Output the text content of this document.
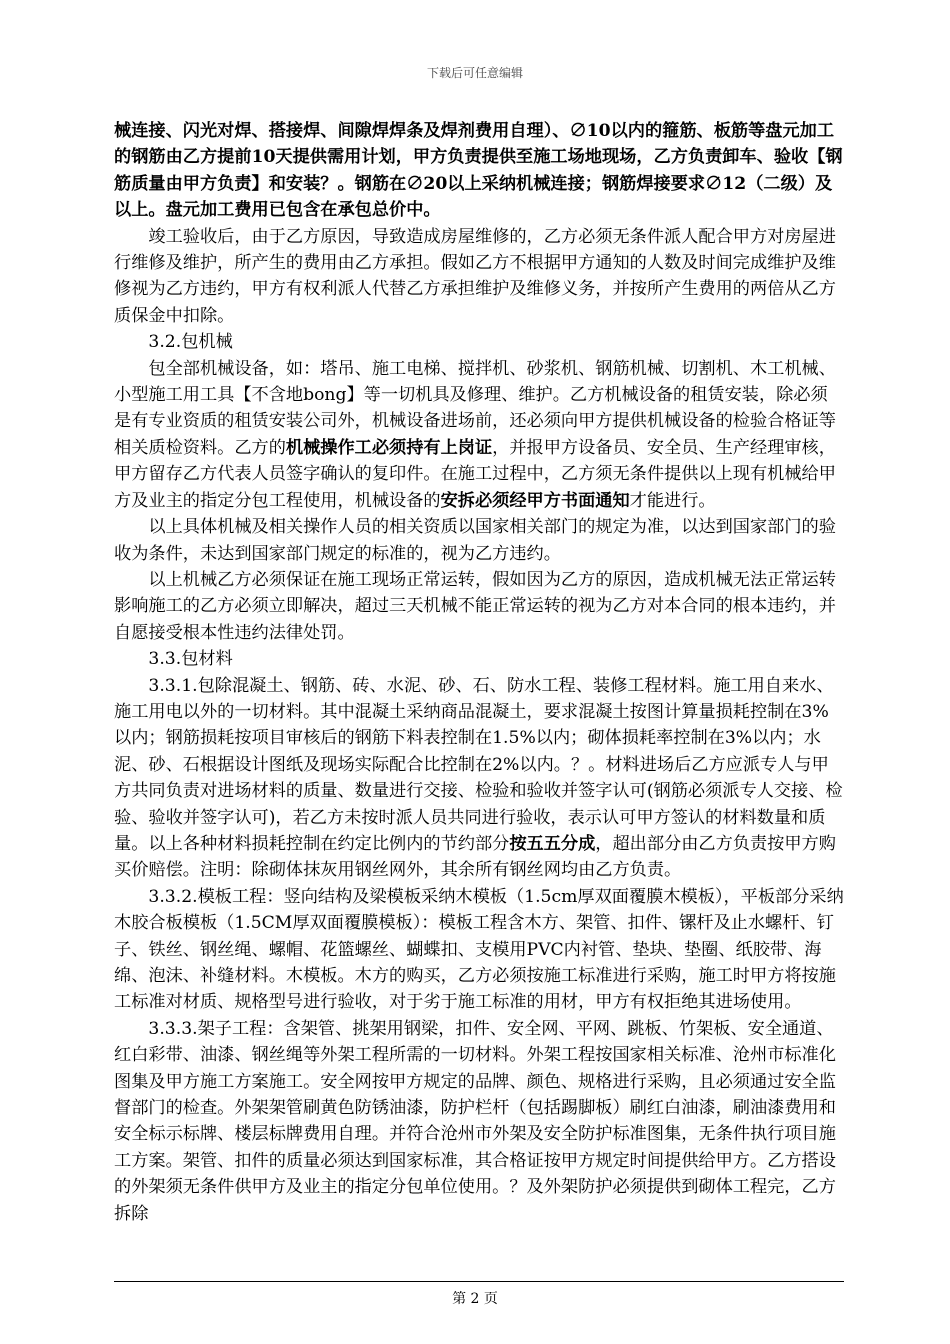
下载后可任意编辑

械连接、闪光对焊、搭接焊、间隙焊焊条及焊剂费用自理）、∅10以内的箍筋、板筋等盘元加工的钢筋由乙方提前10天提供需用计划，甲方负责提供至施工场地现场，乙方负责卸车、验收【钢筋质量由甲方负责】和安装？。钢筋在∅20以上采纳机械连接；钢筋焊接要求∅12（二级）及以上。盘元加工费用已包含在承包总价中。

竣工验收后，由于乙方原因，导致造成房屋维修的，乙方必须无条件派人配合甲方对房屋进行维修及维护，所产生的费用由乙方承担。假如乙方不根据甲方通知的人数及时间完成维护及维修视为乙方违约，甲方有权利派人代替乙方承担维护及维修义务，并按所产生费用的两倍从乙方质保金中扣除。

3.2.包机械

包全部机械设备，如：塔吊、施工电梯、搅拌机、砂浆机、钢筋机械、切割机、木工机械、小型施工用工具【不含地bong】等一切机具及修理、维护。乙方机械设备的租赁安装，除必须是有专业资质的租赁安装公司外，机械设备进场前，还必须向甲方提供机械设备的检验合格证等相关质检资料。乙方的机械操作工必须持有上岗证，并报甲方设备员、安全员、生产经理审核，甲方留存乙方代表人员签字确认的复印件。在施工过程中，乙方须无条件提供以上现有机械给甲方及业主的指定分包工程使用，机械设备的安拆必须经甲方书面通知才能进行。

以上具体机械及相关操作人员的相关资质以国家相关部门的规定为准，以达到国家部门的验收为条件，未达到国家部门规定的标准的，视为乙方违约。

以上机械乙方必须保证在施工现场正常运转，假如因为乙方的原因，造成机械无法正常运转影响施工的乙方必须立即解决，超过三天机械不能正常运转的视为乙方对本合同的根本违约，并自愿接受根本性违约法律处罚。

3.3.包材料

3.3.1.包除混凝土、钢筋、砖、水泥、砂、石、防水工程、装修工程材料。施工用自来水、施工用电以外的一切材料。其中混凝土采纳商品混凝土，要求混凝土按图计算量损耗控制在3%以内；钢筋损耗按项目审核后的钢筋下料表控制在1.5%以内；砌体损耗率控制在3%以内；水泥、砂、石根据设计图纸及现场实际配合比控制在2%以内。？。材料进场后乙方应派专人与甲方共同负责对进场材料的质量、数量进行交接、检验和验收并签字认可(钢筋必须派专人交接、检验、验收并签字认可)，若乙方未按时派人员共同进行验收，表示认可甲方签认的材料数量和质量。以上各种材料损耗控制在约定比例内的节约部分按五五分成，超出部分由乙方负责按甲方购买价赔偿。注明：除砌体抹灰用钢丝网外，其余所有钢丝网均由乙方负责。

3.3.2.模板工程：竖向结构及梁模板采纳木模板（1.5cm厚双面覆膜木模板），平板部分采纳木胶合板模板（1.5CM厚双面覆膜模板）：模板工程含木方、架管、扣件、镙杆及止水螺杆、钉子、铁丝、钢丝绳、螺帽、花篮螺丝、蝴蝶扣、支模用PVC内衬管、垫块、垫圈、纸胶带、海绵、泡沫、补缝材料。木模板。木方的购买，乙方必须按施工标准进行采购，施工时甲方将按施工标准对材质、规格型号进行验收，对于劣于施工标准的用材，甲方有权拒绝其进场使用。

3.3.3.架子工程：含架管、挑架用钢梁，扣件、安全网、平网、跳板、竹架板、安全通道、红白彩带、油漆、钢丝绳等外架工程所需的一切材料。外架工程按国家相关标准、沧州市标准化图集及甲方施工方案施工。安全网按甲方规定的品牌、颜色、规格进行采购，且必须通过安全监督部门的检查。外架架管刷黄色防锈油漆，防护栏杆（包括踢脚板）刷红白油漆，刷油漆费用和安全标示标牌、楼层标牌费用自理。并符合沧州市外架及安全防护标准图集，无条件执行项目施工方案。架管、扣件的质量必须达到国家标准，其合格证按甲方规定时间提供给甲方。乙方搭设的外架须无条件供甲方及业主的指定分包单位使用。？及外架防护必须提供到砌体工程完，乙方拆除

第 2 页
